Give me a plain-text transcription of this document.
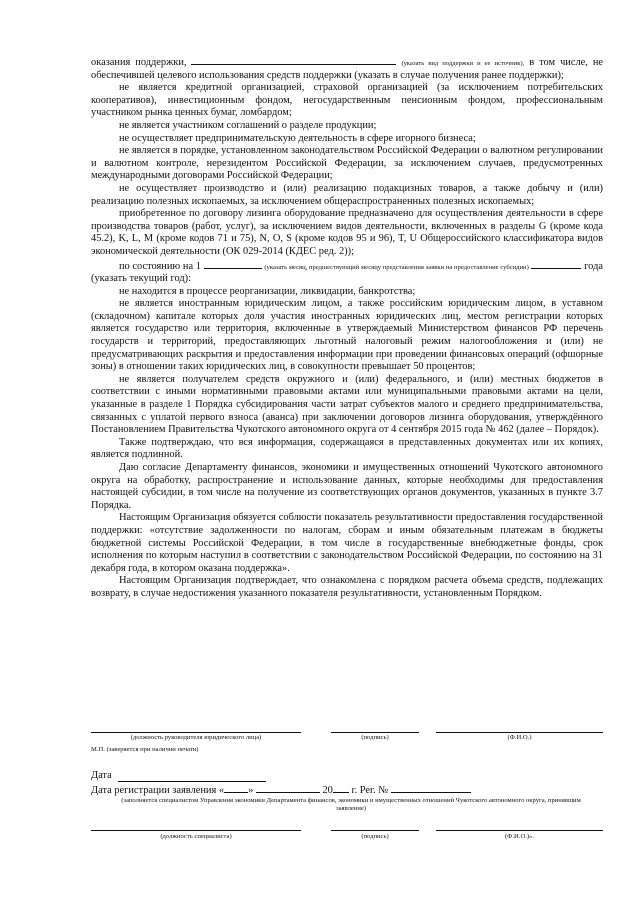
оказания поддержки,	(указать вид поддержки и ее источник), в том числе, не обеспечившей целевого использования средств поддержки (указать в случае получения ранее поддержки);

не является кредитной организацией, страховой организацией (за исключением потребительских кооперативов), инвестиционным фондом, негосударственным пенсионным фондом, профессиональным участником рынка ценных бумаг, ломбардом;

не является участником соглашений о разделе продукции;

не осуществляет предпринимательскую деятельность в сфере игорного бизнеса;

не является в порядке, установленном законодательством Российской Федерации о валютном регулировании и валютном контроле, нерезидентом Российской Федерации, за исключением случаев, предусмотренных международными договорами Российской Федерации;

не осуществляет производство и (или) реализацию подакцизных товаров, а также добычу и (или) реализацию полезных ископаемых, за исключением общераспространенных полезных ископаемых;

приобретенное по договору лизинга оборудование предназначено для осуществления деятельности в сфере производства товаров (работ, услуг), за исключением видов деятельности, включенных в разделы G (кроме кода 45.2), K, L, M (кроме кодов 71 и 75), N, O, S (кроме кодов 95 и 96), T, U Общероссийского классификатора видов экономической деятельности (ОК 029-2014 (КДЕС ред. 2));

по состоянию на 1	(указать месяц, предшествующий месяцу представления заявки на предоставление субсидии)	года (указать текущий год):

не находится в процессе реорганизации, ликвидации, банкротства;

не является иностранным юридическим лицом, а также российским юридическим лицом, в уставном (складочном) капитале которых доля участия иностранных юридических лиц, местом регистрации которых является государство или территория, включенные в утверждаемый Министерством финансов РФ перечень государств и территорий, предоставляющих льготный налоговый режим налогообложения и (или) не предусматривающих раскрытия и предоставления информации при проведении финансовых операций (офшорные зоны) в отношении таких юридических лиц, в совокупности превышает 50 процентов;

не является получателем средств окружного и (или) федерального, и (или) местных бюджетов в соответствии с иными нормативными правовыми актами или муниципальными правовыми актами на цели, указанные в разделе 1 Порядка субсидирования части затрат субъектов малого и среднего предпринимательства, связанных с уплатой первого взноса (аванса) при заключении договоров лизинга оборудования, утверждённого Постановлением Правительства Чукотского автономного округа от 4 сентября 2015 года № 462 (далее – Порядок).

Также подтверждаю, что вся информация, содержащаяся в представленных документах или их копиях, является подлинной.

Даю согласие Департаменту финансов, экономики и имущественных отношений Чукотского автономного округа на обработку, распространение и использование данных, которые необходимы для предоставления настоящей субсидии, в том числе на получение из соответствующих органов документов, указанных в пункте 3.7 Порядка.

Настоящим Организация обязуется соблюсти показатель результативности предоставления государственной поддержки: «отсутствие задолженности по налогам, сборам и иным обязательным платежам в бюджеты бюджетной системы Российской Федерации, в том числе в государственные внебюджетные фонды, срок исполнения по которым наступил в соответствии с законодательством Российской Федерации, по состоянию на 31 декабря года, в котором оказана поддержка».

Настоящим Организация подтверждает, что ознакомлена с порядком расчета объема средств, подлежащих возврату, в случае недостижения указанного показателя результативности, установленным Порядком.

(должность руководителя юридического лица)	(подпись)	(Ф.И.О.)
М.П. (заверяется при наличии печати)
Дата
Дата регистрации заявления « »	20 г. Рег. №
(заполняется специалистом Управления экономики Департамента финансов, экономики и имущественных отношений Чукотского автономного округа, принявшим заявление)
(должность специалиста)	(подпись)	(Ф.И.О.)».
